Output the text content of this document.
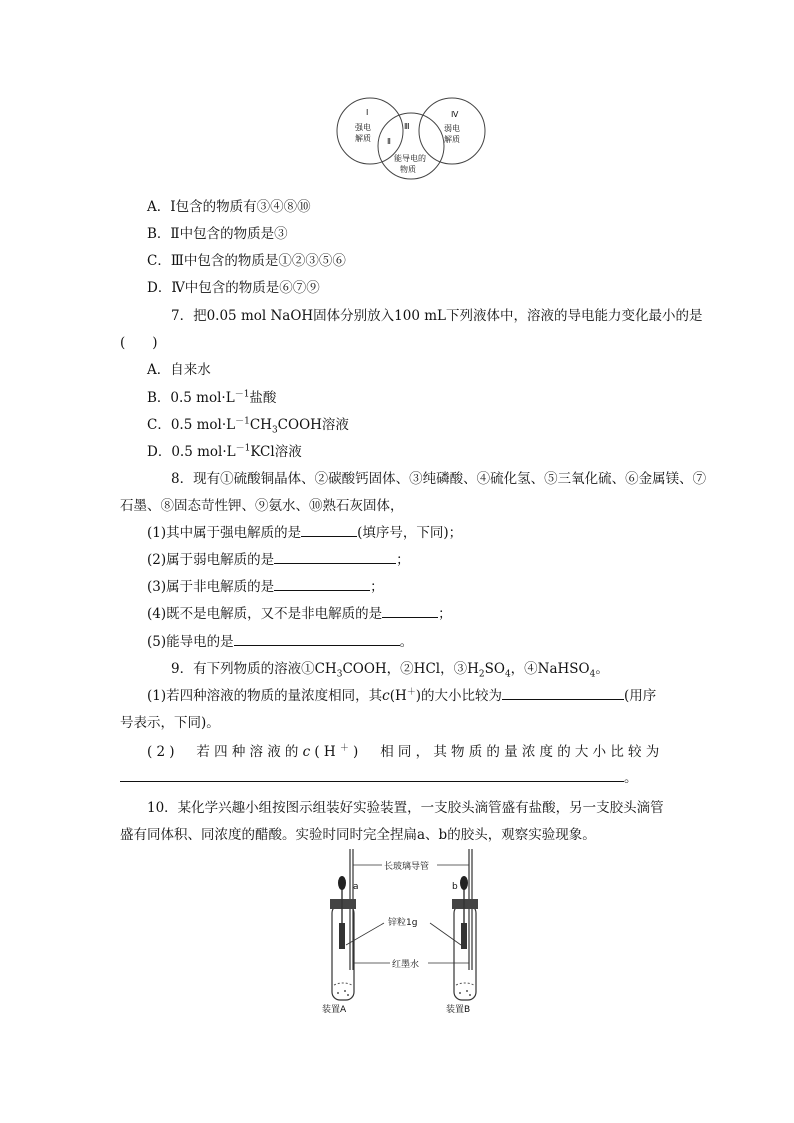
Ⅰ
强电
解质 Ⅱ
Ⅲ
能导电的
物质
Ⅳ
弱电
解质
A．Ⅰ包含的物质有③④⑧⑩
B．Ⅱ中包含的物质是③
C．Ⅲ中包含的物质是①②③⑤⑥
D．Ⅳ中包含的物质是⑥⑦⑨
7．把0.05 mol NaOH固体分别放入100 mL下列液体中，溶液的导电能力变化最小的是
(　　)
A．自来水
B．0.5 $mol\cdot L^{-1}$盐酸
C．0.5 $mol\cdot L^{-1}CH_3COOH$溶液
D．0.5 $mol\cdot L^{-1}KCl$溶液
8．现有①硫酸铜晶体、②碳酸钙固体、③纯磷酸、④硫化氢、⑤三氧化硫、⑥金属镁、⑦
石墨、⑧固态苛性钾、⑨氨水、⑩熟石灰固体，
(1)其中属于强电解质的是	(填序号，下同)；
(2)属于弱电解质的是	；
(3)属于非电解质的是	；
(4)既不是电解质，又不是非电解质的是	；
(5)能导电的是	。
9．有下列物质的溶液$①CH_3COOH$，②HCl，$③H_2SO_4$，④NaHSO$_4$。
(1)若四种溶液的物质的量浓度相同，其c(H＋)的大小比较为	(用序
号表示，下同)。
(2)　若四种溶液的c(H＋)　相同，其物质的量浓度的大小比较为
。
10．某化学兴趣小组按图示组装好实验装置，一支胶头滴管盛有盐酸，另一支胶头滴管
盛有同体积、同浓度的醋酸。实验时同时完全捏扁a、b的胶头，观察实验现象。
长玻璃导管
a	b
锌粒1g
红墨水
装置A	装置B
